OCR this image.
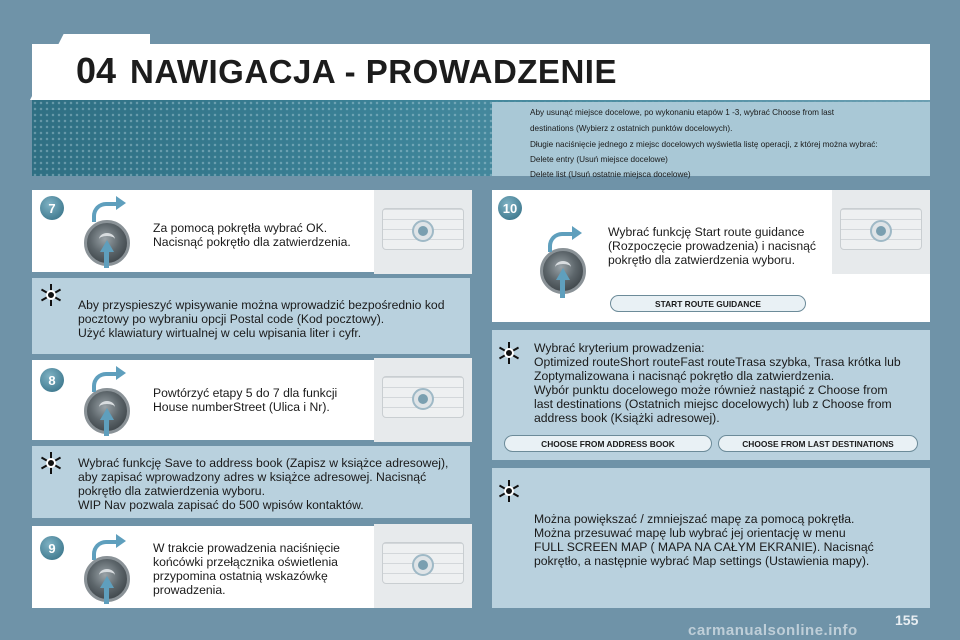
04 NAWIGACJA - PROWADZENIE
Aby usunąć miejsce docelowe, po wykonaniu etapów 1 -3, wybrać Choose from last
destinations (Wybierz z ostatnich punktów docelowych).
Długie naciśnięcie jednego z miejsc docelowych wyświetla listę operacji, z której można wybrać:
Delete entry (Usuń miejsce docelowe)
Delete list (Usuń ostatnie miejsca docelowe)
7
Za pomocą pokrętła wybrać OK.
Nacisnąć pokrętło dla zatwierdzenia.
Aby przyspieszyć wpisywanie można wprowadzić bezpośrednio kod
pocztowy po wybraniu opcji Postal code (Kod pocztowy).
Użyć klawiatury wirtualnej w celu wpisania liter i cyfr.
8
Powtórzyć etapy 5 do 7 dla funkcji
House numberStreet (Ulica i Nr).
Wybrać funkcję Save to address book (Zapisz w książce adresowej),
aby zapisać wprowadzony adres w książce adresowej. Nacisnąć
pokrętło dla zatwierdzenia wyboru.
WIP Nav pozwala zapisać do 500 wpisów kontaktów.
9	W trakcie prowadzenia naciśnięcie
końcówki przełącznika oświetlenia
przypomina ostatnią wskazówkę
prowadzenia.
10
Wybrać funkcję Start route guidance
(Rozpoczęcie prowadzenia) i nacisnąć
pokrętło dla zatwierdzenia wyboru.
START ROUTE GUIDANCE
Wybrać kryterium prowadzenia:
Optimized routeShort routeFast routeTrasa szybka, Trasa krótka lub
Zoptymalizowana i nacisnąć pokrętło dla zatwierdzenia.
Wybór punktu docelowego może również nastąpić z Choose from
last destinations (Ostatnich miejsc docelowych) lub z Choose from
address book (Książki adresowej).
CHOOSE FROM ADDRESS BOOK	CHOOSE FROM LAST DESTINATIONS
Można powiększać / zmniejszać mapę za pomocą pokrętła.
Można przesuwać mapę lub wybrać jej orientację w menu
FULL SCREEN MAP ( MAPA NA CAŁYM EKRANIE). Nacisnąć
pokrętło, a następnie wybrać Map settings (Ustawienia mapy).
155
carmanualsonline.info
